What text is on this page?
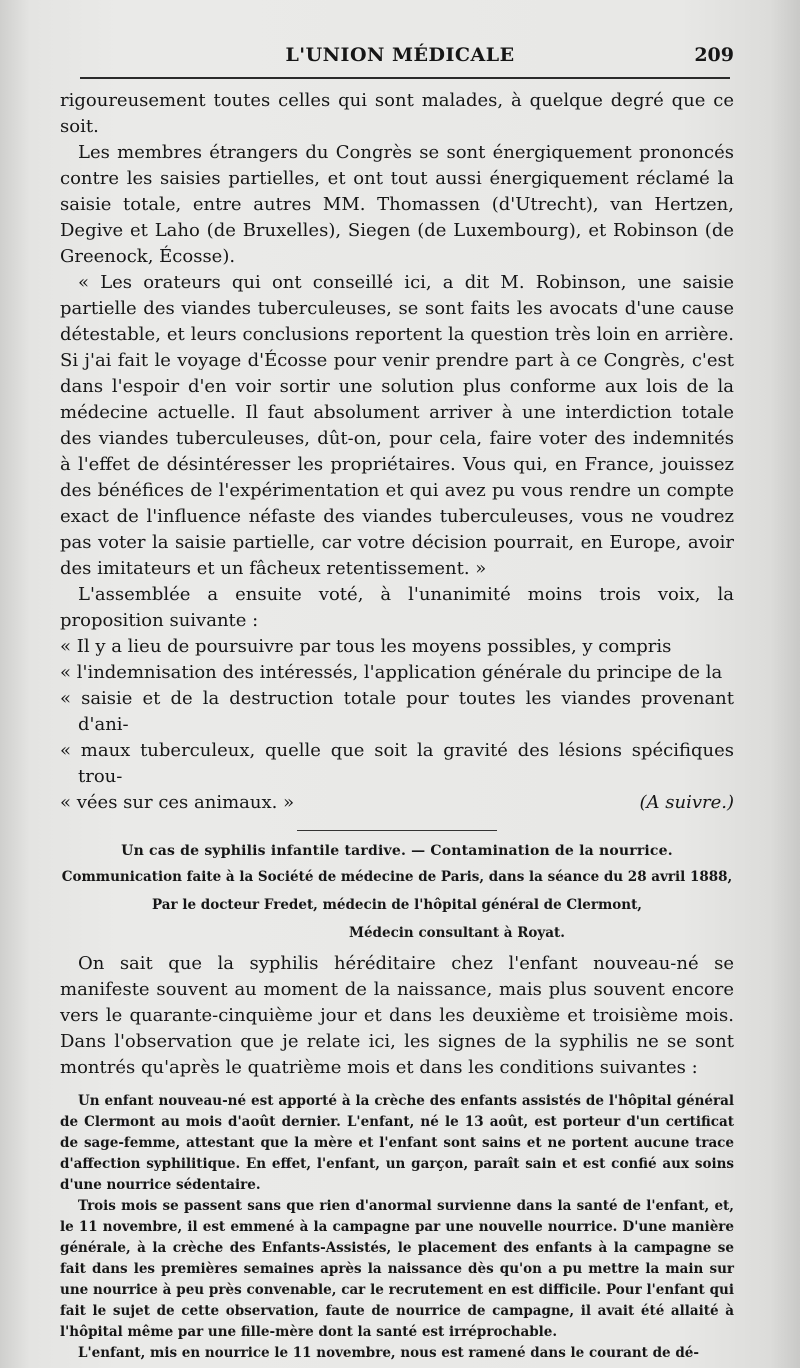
L'UNION MÉDICALE	209

rigoureusement toutes celles qui sont malades, à quelque degré que ce soit.

Les membres étrangers du Congrès se sont énergiquement prononcés contre les saisies partielles, et ont tout aussi énergiquement réclamé la saisie totale, entre autres MM. Thomassen (d'Utrecht), van Hertzen, Degive et Laho (de Bruxelles), Siegen (de Luxembourg), et Robinson (de Greenock, Écosse).

« Les orateurs qui ont conseillé ici, a dit M. Robinson, une saisie partielle des viandes tuberculeuses, se sont faits les avocats d'une cause détestable, et leurs conclusions reportent la question très loin en arrière. Si j'ai fait le voyage d'Écosse pour venir prendre part à ce Congrès, c'est dans l'espoir d'en voir sortir une solution plus conforme aux lois de la médecine actuelle. Il faut absolument arriver à une interdiction totale des viandes tuberculeuses, dût-on, pour cela, faire voter des indemnités à l'effet de désintéresser les propriétaires. Vous qui, en France, jouissez des bénéfices de l'expérimentation et qui avez pu vous rendre un compte exact de l'influence néfaste des viandes tuberculeuses, vous ne voudrez pas voter la saisie partielle, car votre décision pourrait, en Europe, avoir des imitateurs et un fâcheux retentissement. »

L'assemblée a ensuite voté, à l'unanimité moins trois voix, la proposition suivante :

« Il y a lieu de poursuivre par tous les moyens possibles, y compris
« l'indemnisation des intéressés, l'application générale du principe de la
« saisie et de la destruction totale pour toutes les viandes provenant d'ani-
« maux tuberculeux, quelle que soit la gravité des lésions spécifiques trou-
« vées sur ces animaux. »	(A suivre.)

Un cas de syphilis infantile tardive. — Contamination de la nourrice.

Communication faite à la Société de médecine de Paris, dans la séance du 28 avril 1888,

Par le docteur Fredet, médecin de l'hôpital général de Clermont,

Médecin consultant à Royat.

On sait que la syphilis héréditaire chez l'enfant nouveau-né se manifeste souvent au moment de la naissance, mais plus souvent encore vers le quarante-cinquième jour et dans les deuxième et troisième mois. Dans l'observation que je relate ici, les signes de la syphilis ne se sont montrés qu'après le quatrième mois et dans les conditions suivantes :

Un enfant nouveau-né est apporté à la crèche des enfants assistés de l'hôpital général de Clermont au mois d'août dernier. L'enfant, né le 13 août, est porteur d'un certificat de sage-femme, attestant que la mère et l'enfant sont sains et ne portent aucune trace d'affection syphilitique. En effet, l'enfant, un garçon, paraît sain et est confié aux soins d'une nourrice sédentaire.

Trois mois se passent sans que rien d'anormal survienne dans la santé de l'enfant, et, le 11 novembre, il est emmené à la campagne par une nouvelle nourrice. D'une manière générale, à la crèche des Enfants-Assistés, le placement des enfants à la campagne se fait dans les premières semaines après la naissance dès qu'on a pu mettre la main sur une nourrice à peu près convenable, car le recrutement en est difficile. Pour l'enfant qui fait le sujet de cette observation, faute de nourrice de campagne, il avait été allaité à l'hôpital même par une fille-mère dont la santé est irréprochable.

L'enfant, mis en nourrice le 11 novembre, nous est ramené dans le courant de dé-
